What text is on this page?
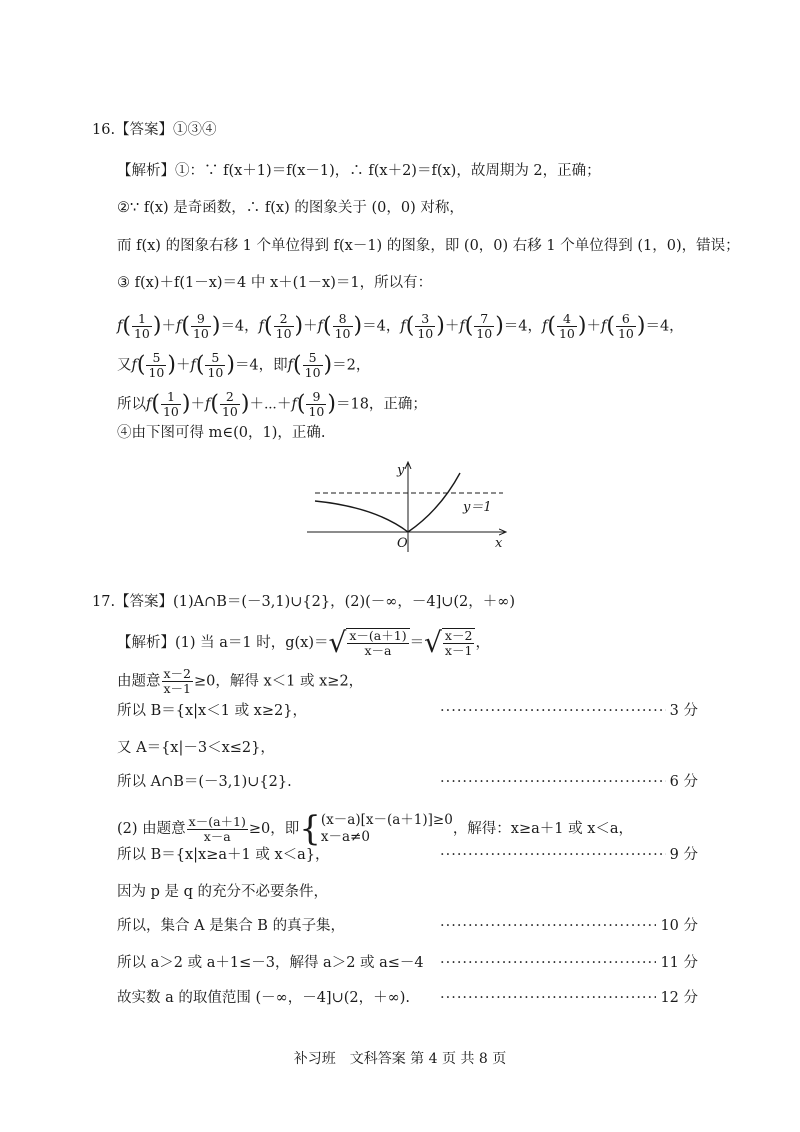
16.【答案】①③④
【解析】①：∵ f(x＋1)＝f(x－1)，∴ f(x＋2)＝f(x)，故周期为 2，正确；
②∵ f(x) 是奇函数，∴ f(x) 的图象关于 (0，0) 对称，
而 f(x) 的图象右移 1 个单位得到 f(x－1) 的图象，即 (0，0) 右移 1 个单位得到 (1，0)，错误；
③ f(x)＋f(1－x)＝4 中 x＋(1－x)＝1，所以有：
$f( \frac{1}{10} )+f( \frac{9}{10} )=4$，$f( \frac{2}{10} )+f( \frac{8}{10} )=4$，$f( \frac{3}{10} )+f( \frac{7}{10} )=4$，$f( \frac{4}{10} )+f( \frac{6}{10} )=4$，
又$f( \frac{5}{10} )+f( \frac{5}{10} )=4$，即$f( \frac{5}{10} )=2$，
所以$f( \frac{1}{10} )+f( \frac{2}{10}$ )＋⋯＋f( $\frac{9}{10} )=18$，正确；
④由下图可得 m∈(0，1)，正确.
y
x
O
y＝1
17.【答案】(1)A∩B＝(－3,1)∪{2}，(2)(－∞，－4]∪(2，＋∞)
【解析】(1) 当 a＝1 时，g(x)＝ √ x－(a＋1)
x－a	＝ √ x－2
x－1 ，
由题意 $\frac{x-2}{x-1} \ge 0$，解得 x＜1 或 x≥2，
所以 B＝{x|x＜1 或 x≥2}， ·····	3 分
又 A＝{x|－3＜x≤2}，
所以 A∩B＝(－3,1)∪{2}. ·····	6 分
(2) 由题意 $\frac{x-(a+1)}{x-a} \ge 0$，即{ (x－a)[x－(a＋1)]≥0
x－a≠0	，解得：x≥a＋1 或 x＜a，
所以 B＝{x|x≥a＋1 或 x＜a}， ·····	9 分
因为 p 是 q 的充分不必要条件，
所以，集合 A 是集合 B 的真子集， ·····	10 分
所以 a＞2 或 a＋1≤－3，解得 a＞2 或 a≤－4 ·····	11 分
故实数 a 的取值范围 (－∞，－4]∪(2，＋∞). ·····	12 分
补习班　文科答案 第 4 页 共 8 页
